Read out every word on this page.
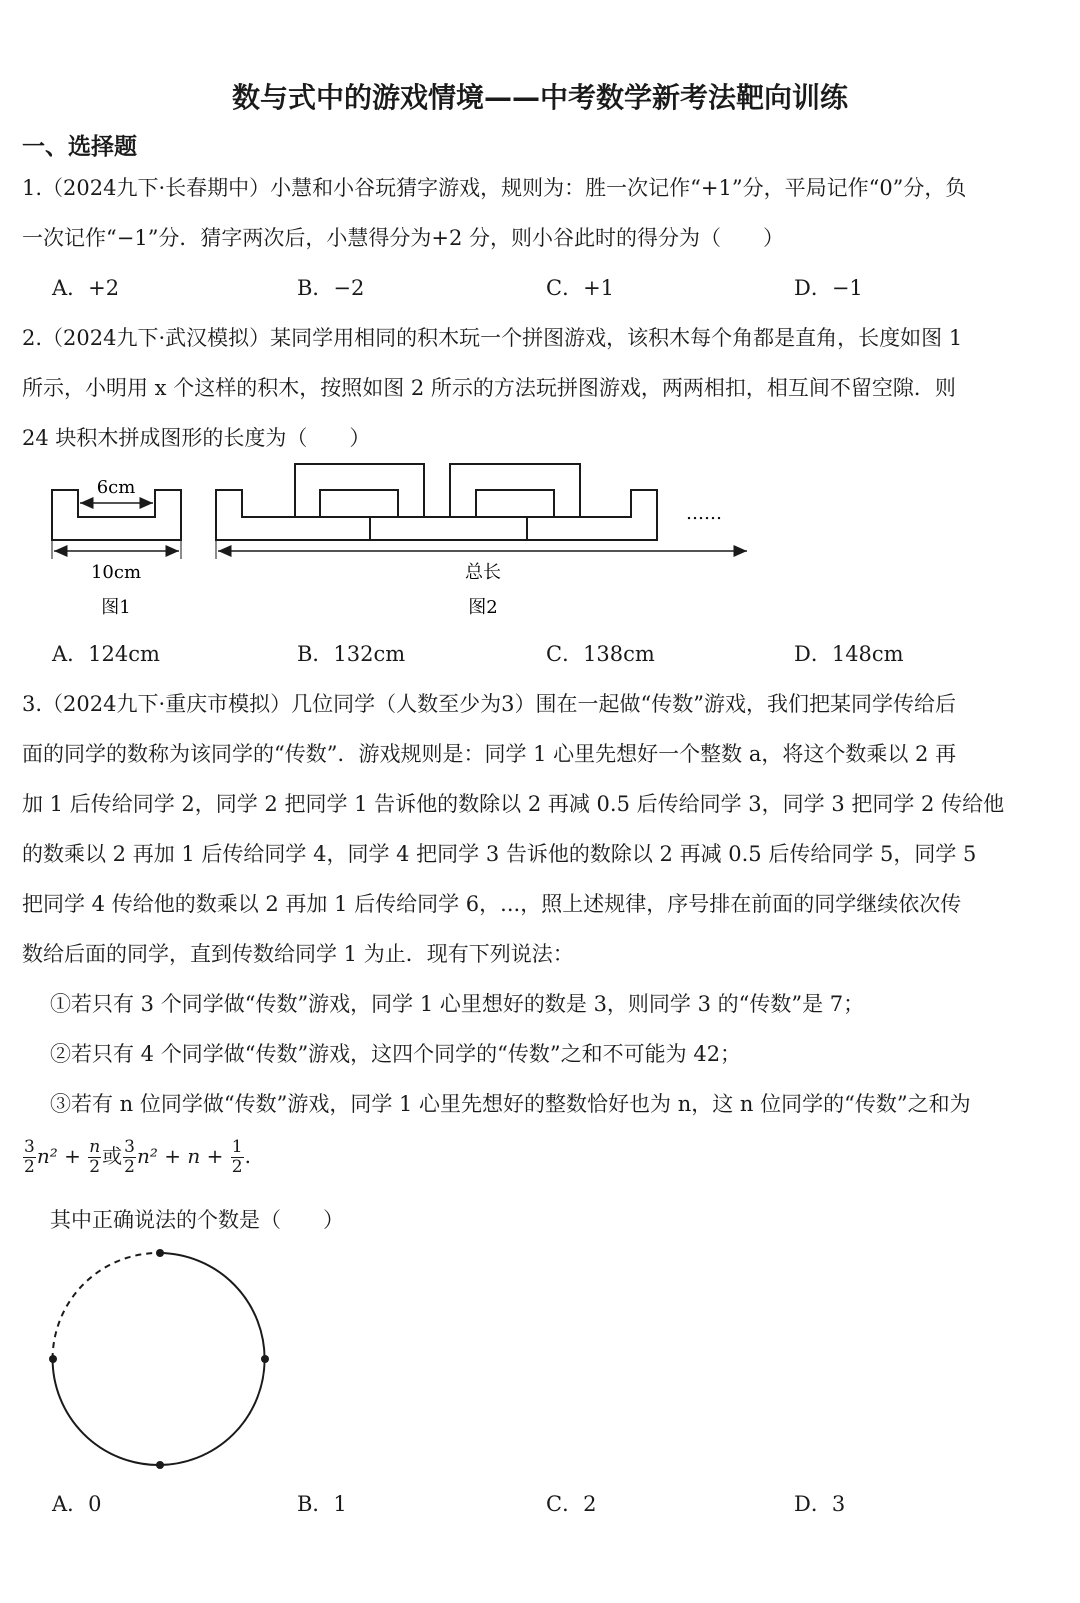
数与式中的游戏情境——中考数学新考法靶向训练
一、选择题
1.（2024九下·长春期中）小慧和小谷玩猜字游戏，规则为：胜一次记作“+1”分，平局记作“0”分，负
一次记作“−1”分．猜字两次后，小慧得分为+2 分，则小谷此时的得分为（　　）
A．+2	B．−2	C．+1	D．−1
2.（2024九下·武汉模拟）某同学用相同的积木玩一个拼图游戏，该积木每个角都是直角，长度如图 1
所示，小明用 x 个这样的积木，按照如图 2 所示的方法玩拼图游戏，两两相扣，相互间不留空隙．则
24 块积木拼成图形的长度为（　　）
6cm
10cm
图1
……
总长
图2
A．124cm	B．132cm	C．138cm	D．148cm
3.（2024九下·重庆市模拟）几位同学（人数至少为3）围在一起做“传数”游戏，我们把某同学传给后
面的同学的数称为该同学的“传数”．游戏规则是：同学 1 心里先想好一个整数 a，将这个数乘以 2 再
加 1 后传给同学 2，同学 2 把同学 1 告诉他的数除以 2 再减 0.5 后传给同学 3，同学 3 把同学 2 传给他
的数乘以 2 再加 1 后传给同学 4，同学 4 把同学 3 告诉他的数除以 2 再减 0.5 后传给同学 5，同学 5
把同学 4 传给他的数乘以 2 再加 1 后传给同学 6，...，照上述规律，序号排在前面的同学继续依次传
数给后面的同学，直到传数给同学 1 为止．现有下列说法：
①若只有 3 个同学做“传数”游戏，同学 1 心里想好的数是 3，则同学 3 的“传数”是 7；
②若只有 4 个同学做“传数”游戏，这四个同学的“传数”之和不可能为 42；
③若有 n 位同学做“传数”游戏，同学 1 心里先想好的整数恰好也为 n，这 n 位同学的“传数”之和为
$\frac{3}{2} n^2 + \frac{n}{2}$ 或 $\frac{3}{2} n^2 + n + \frac{1}{2}$ .
其中正确说法的个数是（　　）
A．0	B．1	C．2	D．3
